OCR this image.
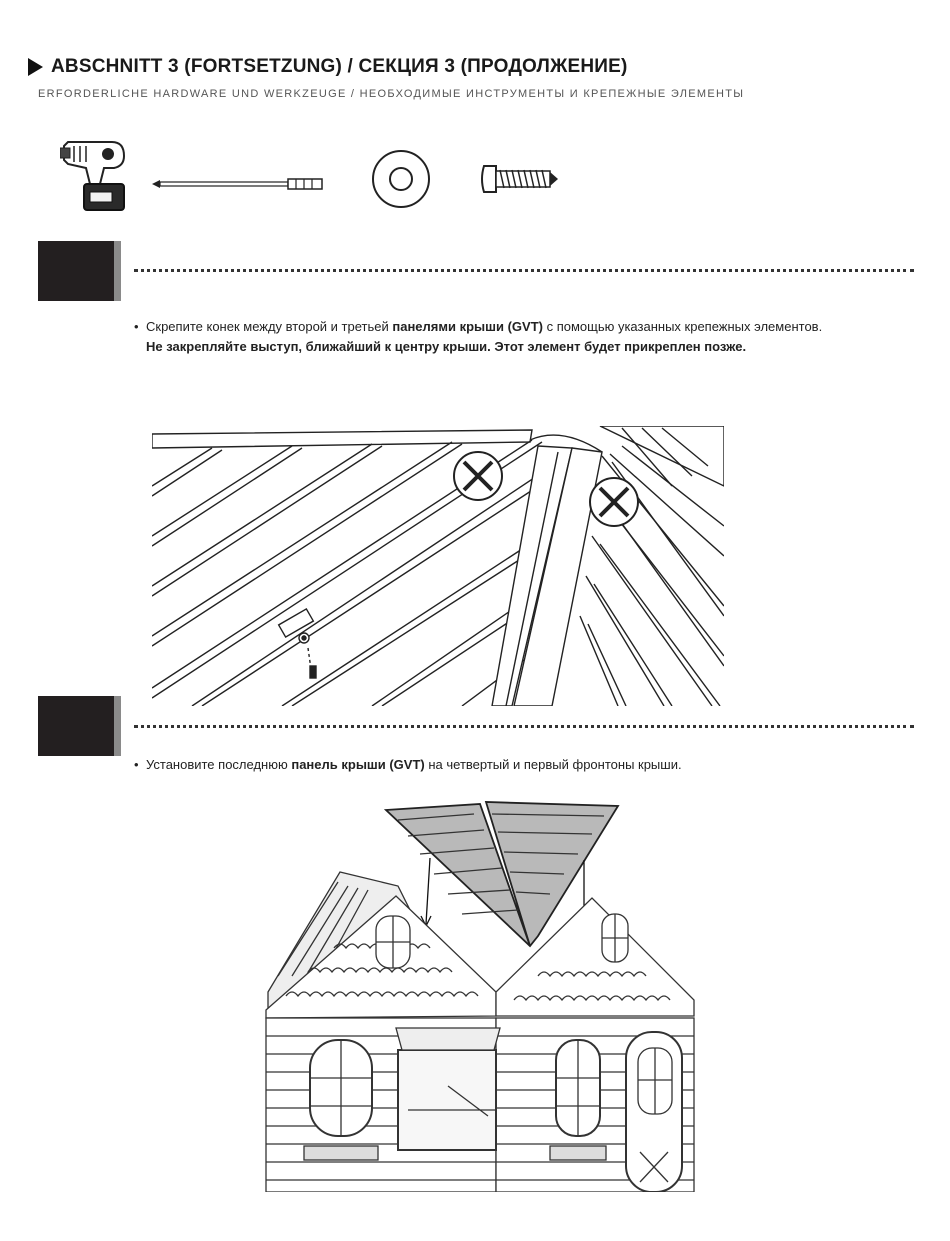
ABSCHNITT 3 (FORTSETZUNG) / СЕКЦИЯ 3 (ПРОДОЛЖЕНИЕ)
ERFORDERLICHE HARDWARE UND WERKZEUGE / НЕОБХОДИМЫЕ ИНСТРУМЕНТЫ И КРЕПЕЖНЫЕ ЭЛЕМЕНТЫ
• Скрепите конек между второй и третьей панелями крыши (GVT) с помощью указанных крепежных элементов.
Не закрепляйте выступ, ближайший к центру крыши. Этот элемент будет прикреплен позже.
• Установите последнюю панель крыши (GVT) на четвертый и первый фронтоны крыши.
